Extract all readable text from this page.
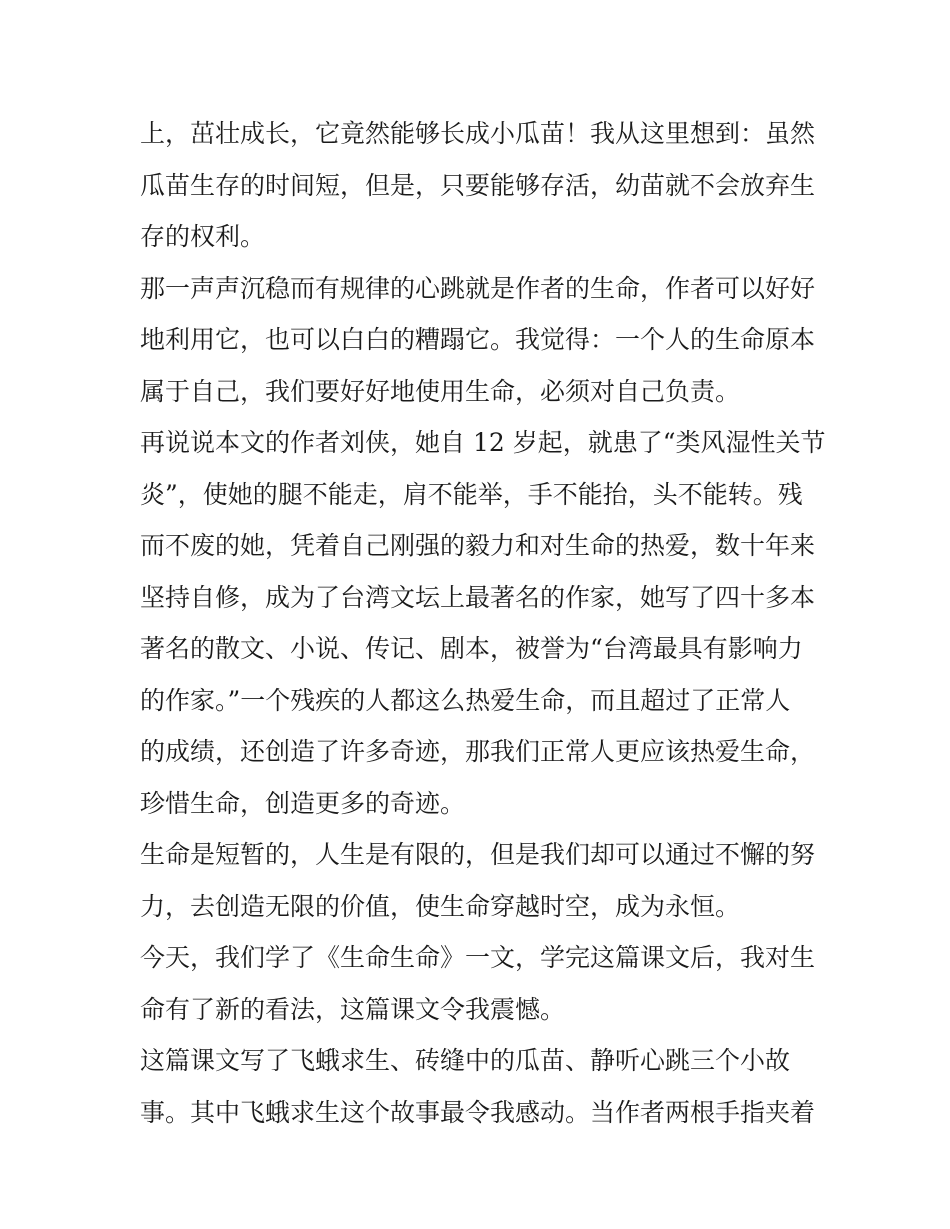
上，茁壮成长，它竟然能够长成小瓜苗！我从这里想到：虽然
瓜苗生存的时间短，但是，只要能够存活，幼苗就不会放弃生
存的权利。
那一声声沉稳而有规律的心跳就是作者的生命，作者可以好好
地利用它，也可以白白的糟蹋它。我觉得：一个人的生命原本
属于自己，我们要好好地使用生命，必须对自己负责。
再说说本文的作者刘侠，她自 12 岁起，就患了“类风湿性关节
炎”，使她的腿不能走，肩不能举，手不能抬，头不能转。残
而不废的她，凭着自己刚强的毅力和对生命的热爱，数十年来
坚持自修，成为了台湾文坛上最著名的作家，她写了四十多本
著名的散文、小说、传记、剧本，被誉为“台湾最具有影响力
的作家。”一个残疾的人都这么热爱生命，而且超过了正常人
的成绩，还创造了许多奇迹，那我们正常人更应该热爱生命，
珍惜生命，创造更多的奇迹。
生命是短暂的，人生是有限的，但是我们却可以通过不懈的努
力，去创造无限的价值，使生命穿越时空，成为永恒。
今天，我们学了《生命生命》一文，学完这篇课文后，我对生
命有了新的看法，这篇课文令我震憾。
这篇课文写了飞蛾求生、砖缝中的瓜苗、静听心跳三个小故
事。其中飞蛾求生这个故事最令我感动。当作者两根手指夹着
